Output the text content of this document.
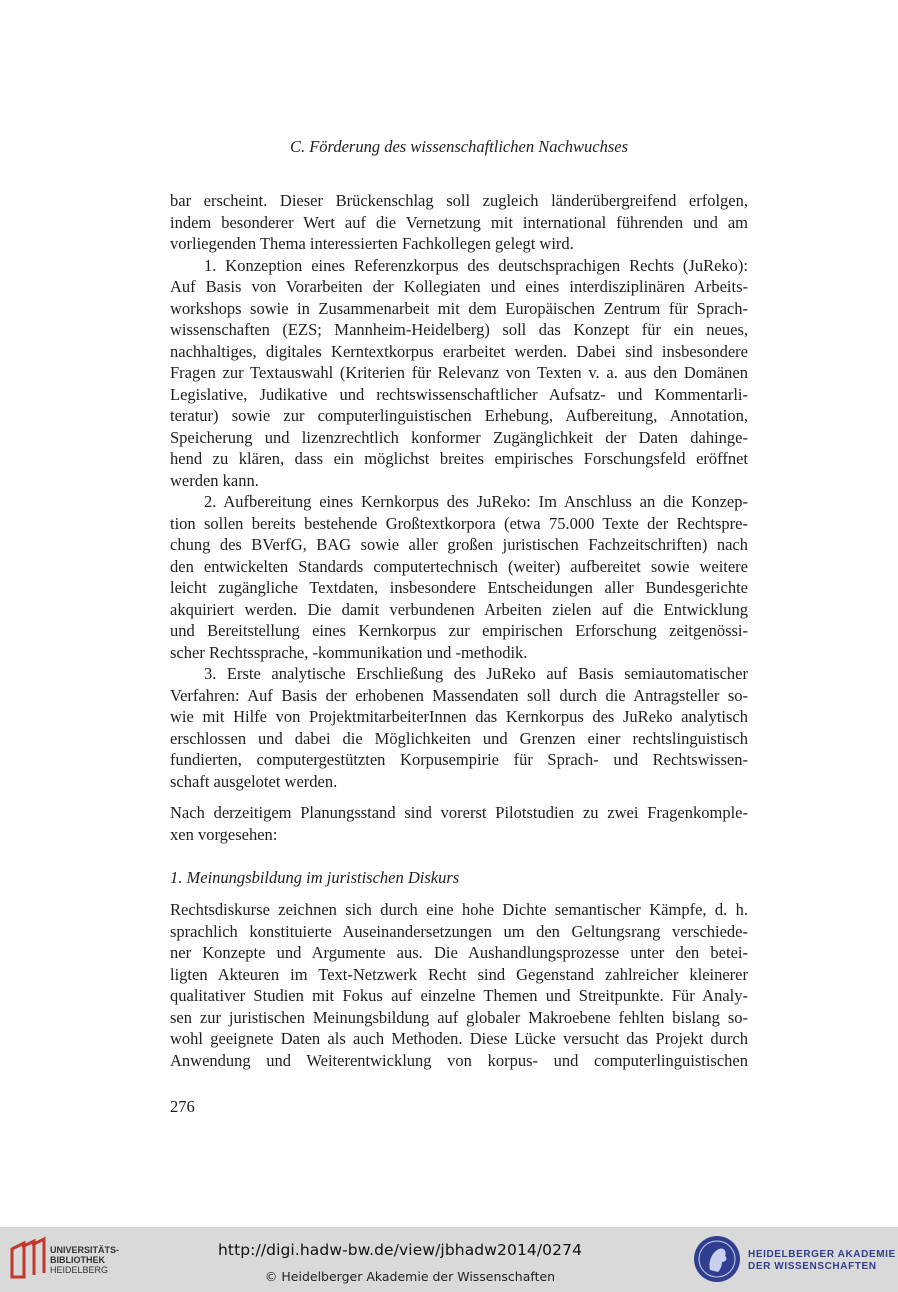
C. Förderung des wissenschaftlichen Nachwuchses
bar erscheint. Dieser Brückenschlag soll zugleich länderübergreifend erfolgen,
indem besonderer Wert auf die Vernetzung mit international führenden und am
vorliegenden Thema interessierten Fachkollegen gelegt wird.
1. Konzeption eines Referenzkorpus des deutschsprachigen Rechts (JuReko):
Auf Basis von Vorarbeiten der Kollegiaten und eines interdisziplinären Arbeits-
workshops sowie in Zusammenarbeit mit dem Europäischen Zentrum für Sprach-
wissenschaften (EZS; Mannheim-Heidelberg) soll das Konzept für ein neues,
nachhaltiges, digitales Kerntextkorpus erarbeitet werden. Dabei sind insbesondere
Fragen zur Textauswahl (Kriterien für Relevanz von Texten v. a. aus den Domänen
Legislative, Judikative und rechtswissenschaftlicher Aufsatz- und Kommentarli-
teratur) sowie zur computerlinguistischen Erhebung, Aufbereitung, Annotation,
Speicherung und lizenzrechtlich konformer Zugänglichkeit der Daten dahinge-
hend zu klären, dass ein möglichst breites empirisches Forschungsfeld eröffnet
werden kann.
2. Aufbereitung eines Kernkorpus des JuReko: Im Anschluss an die Konzep-
tion sollen bereits bestehende Großtextkorpora (etwa 75.000 Texte der Rechtspre-
chung des BVerfG, BAG sowie aller großen juristischen Fachzeitschriften) nach
den entwickelten Standards computertechnisch (weiter) aufbereitet sowie weitere
leicht zugängliche Textdaten, insbesondere Entscheidungen aller Bundesgerichte
akquiriert werden. Die damit verbundenen Arbeiten zielen auf die Entwicklung
und Bereitstellung eines Kernkorpus zur empirischen Erforschung zeitgenössi-
scher Rechtssprache, -kommunikation und -methodik.
3. Erste analytische Erschließung des JuReko auf Basis semiautomatischer
Verfahren: Auf Basis der erhobenen Massendaten soll durch die Antragsteller so-
wie mit Hilfe von ProjektmitarbeiterInnen das Kernkorpus des JuReko analytisch
erschlossen und dabei die Möglichkeiten und Grenzen einer rechtslinguistisch
fundierten, computergestützten Korpusempirie für Sprach- und Rechtswissen-
schaft ausgelotet werden.
Nach derzeitigem Planungsstand sind vorerst Pilotstudien zu zwei Fragenkomple-
xen vorgesehen:
1. Meinungsbildung im juristischen Diskurs
Rechtsdiskurse zeichnen sich durch eine hohe Dichte semantischer Kämpfe, d. h.
sprachlich konstituierte Auseinandersetzungen um den Geltungsrang verschiede-
ner Konzepte und Argumente aus. Die Aushandlungsprozesse unter den betei-
ligten Akteuren im Text-Netzwerk Recht sind Gegenstand zahlreicher kleinerer
qualitativer Studien mit Fokus auf einzelne Themen und Streitpunkte. Für Analy-
sen zur juristischen Meinungsbildung auf globaler Makroebene fehlten bislang so-
wohl geeignete Daten als auch Methoden. Diese Lücke versucht das Projekt durch
Anwendung und Weiterentwicklung von korpus- und computerlinguistischen
276
UNIVERSITÄTS-
BIBLIOTHEK
HEIDELBERG
http://digi.hadw-bw.de/view/jbhadw2014/0274
© Heidelberger Akademie der Wissenschaften
HEIDELBERGER AKADEMIE
DER WISSENSCHAFTEN
